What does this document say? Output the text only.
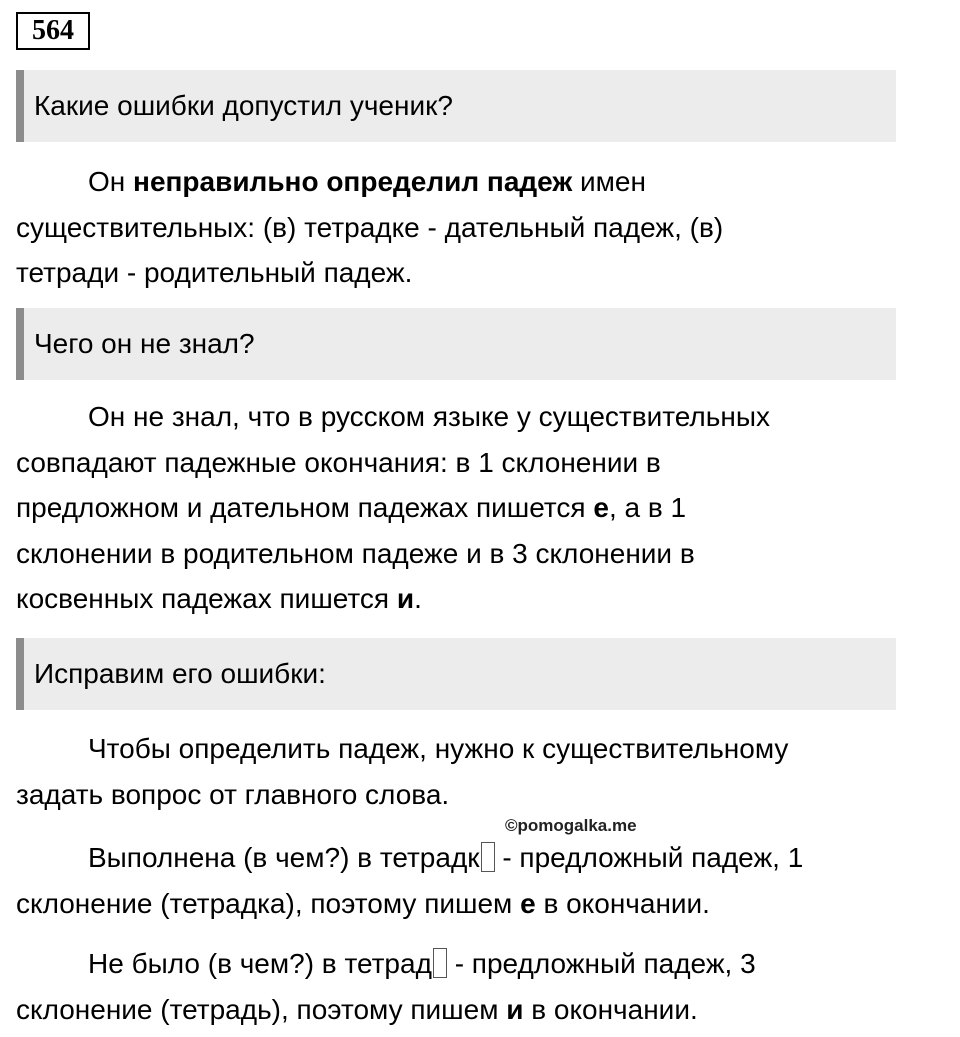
564
Какие ошибки допустил ученик?
Он неправильно определил падеж имен
существительных: (в) тетрадке - дательный падеж, (в)
тетради - родительный падеж.
Чего он не знал?
Он не знал, что в русском языке у существительных
совпадают падежные окончания: в 1 склонении в
предложном и дательном падежах пишется е, а в 1
склонении в родительном падеже и в 3 склонении в
косвенных падежах пишется и.
Исправим его ошибки:
Чтобы определить падеж, нужно к существительному
задать вопрос от главного слова.
©pomogalka.me
Выполнена (в чем?) в тетрадк - предложный падеж, 1
склонение (тетрадка), поэтому пишем е в окончании.
Не было (в чем?) в тетрад - предложный падеж, 3
склонение (тетрадь), поэтому пишем и в окончании.
